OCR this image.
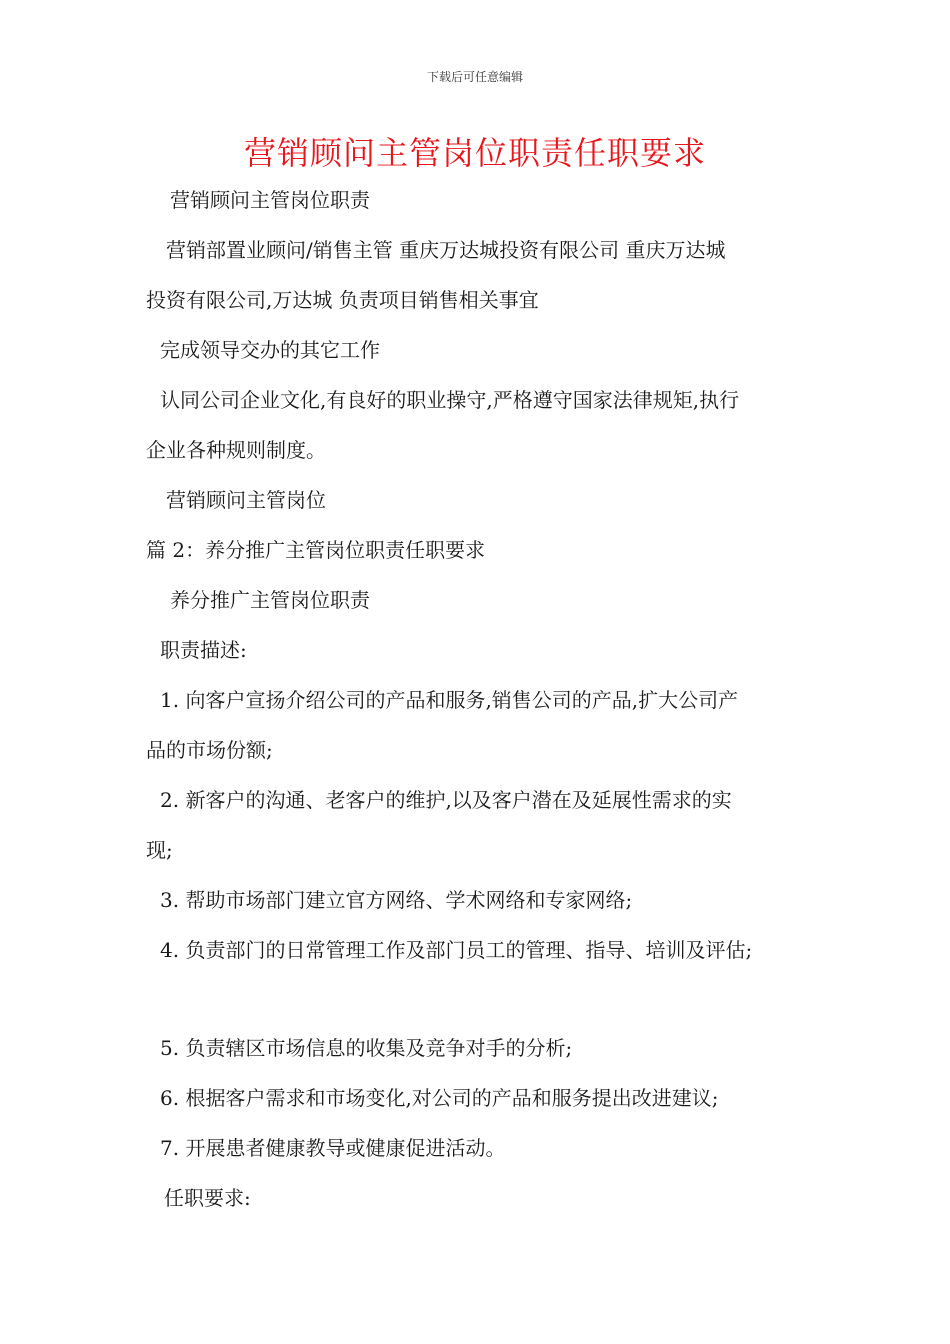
下载后可任意编辑
营销顾问主管岗位职责任职要求
营销顾问主管岗位职责
营销部置业顾问/销售主管 重庆万达城投资有限公司 重庆万达城
投资有限公司,万达城 负责项目销售相关事宜
完成领导交办的其它工作
认同公司企业文化,有良好的职业操守,严格遵守国家法律规矩,执行
企业各种规则制度。
营销顾问主管岗位
篇 2：养分推广主管岗位职责任职要求
养分推广主管岗位职责
职责描述:
1. 向客户宣扬介绍公司的产品和服务,销售公司的产品,扩大公司产
品的市场份额;
2. 新客户的沟通、老客户的维护,以及客户潜在及延展性需求的实
现;
3. 帮助市场部门建立官方网络、学术网络和专家网络;
4. 负责部门的日常管理工作及部门员工的管理、指导、培训及评估;
5. 负责辖区市场信息的收集及竞争对手的分析;
6. 根据客户需求和市场变化,对公司的产品和服务提出改进建议;
7. 开展患者健康教导或健康促进活动。
任职要求:
